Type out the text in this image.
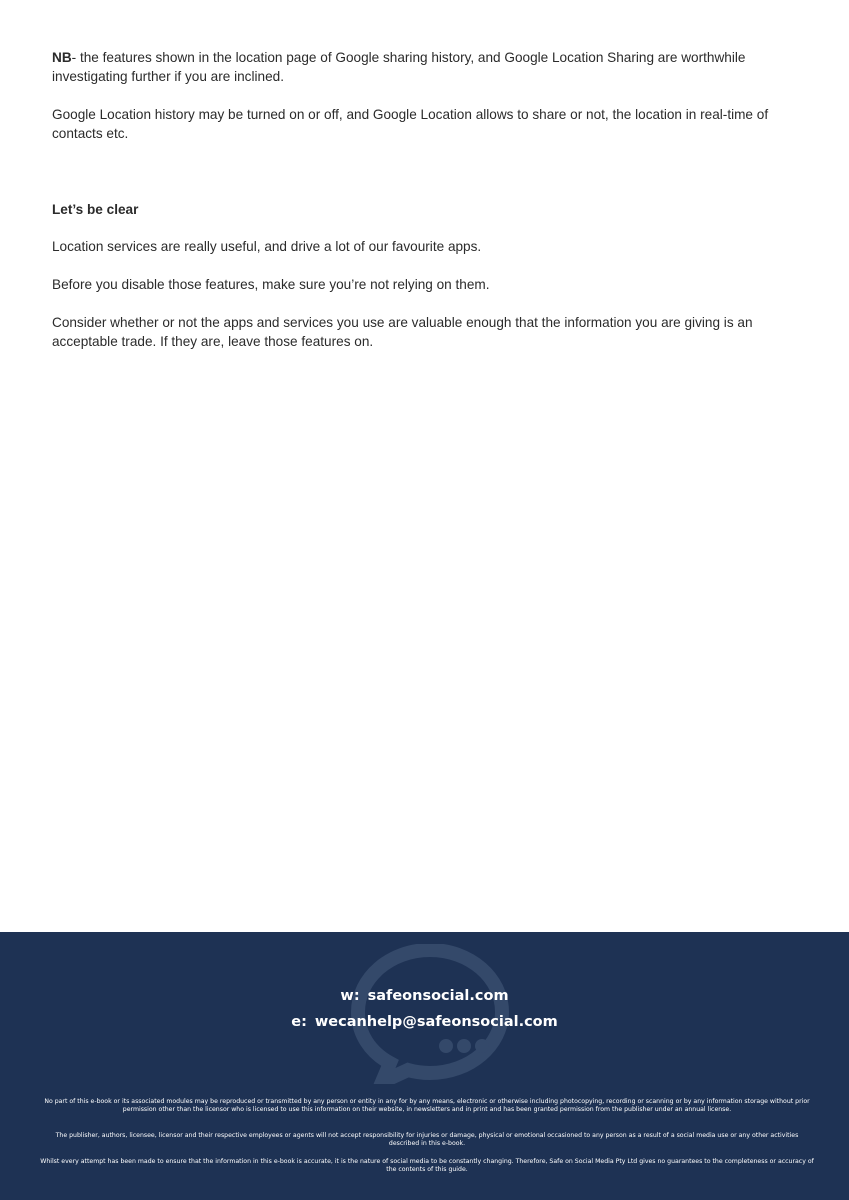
NB- the features shown in the location page of Google sharing history, and Google Location Sharing are worthwhile investigating further if you are inclined.

Google Location history may be turned on or off, and Google Location allows to share or not, the location in real-time of contacts etc.

Let’s be clear

Location services are really useful, and drive a lot of our favourite apps.

Before you disable those features, make sure you’re not relying on them.

Consider whether or not the apps and services you use are valuable enough that the information you are giving is an acceptable trade. If they are, leave those features on.

w: safeonsocial.com
e: wecanhelp@safeonsocial.com
No part of this e-book or its associated modules may be reproduced or transmitted by any person or entity in any for by any means, electronic or otherwise including photocopying, recording or scanning or by any information storage without prior permission other than the licensor who is licensed to use this information on their website, in newsletters and in print and has been granted permission from the publisher under an annual license.
The publisher, authors, licensee, licensor and their respective employees or agents will not accept responsibility for injuries or damage, physical or emotional occasioned to any person as a result of a social media use or any other activities described in this e-book.
Whilst every attempt has been made to ensure that the information in this e-book is accurate, it is the nature of social media to be constantly changing. Therefore, Safe on Social Media Pty Ltd gives no guarantees to the completeness or accuracy of the contents of this guide.
